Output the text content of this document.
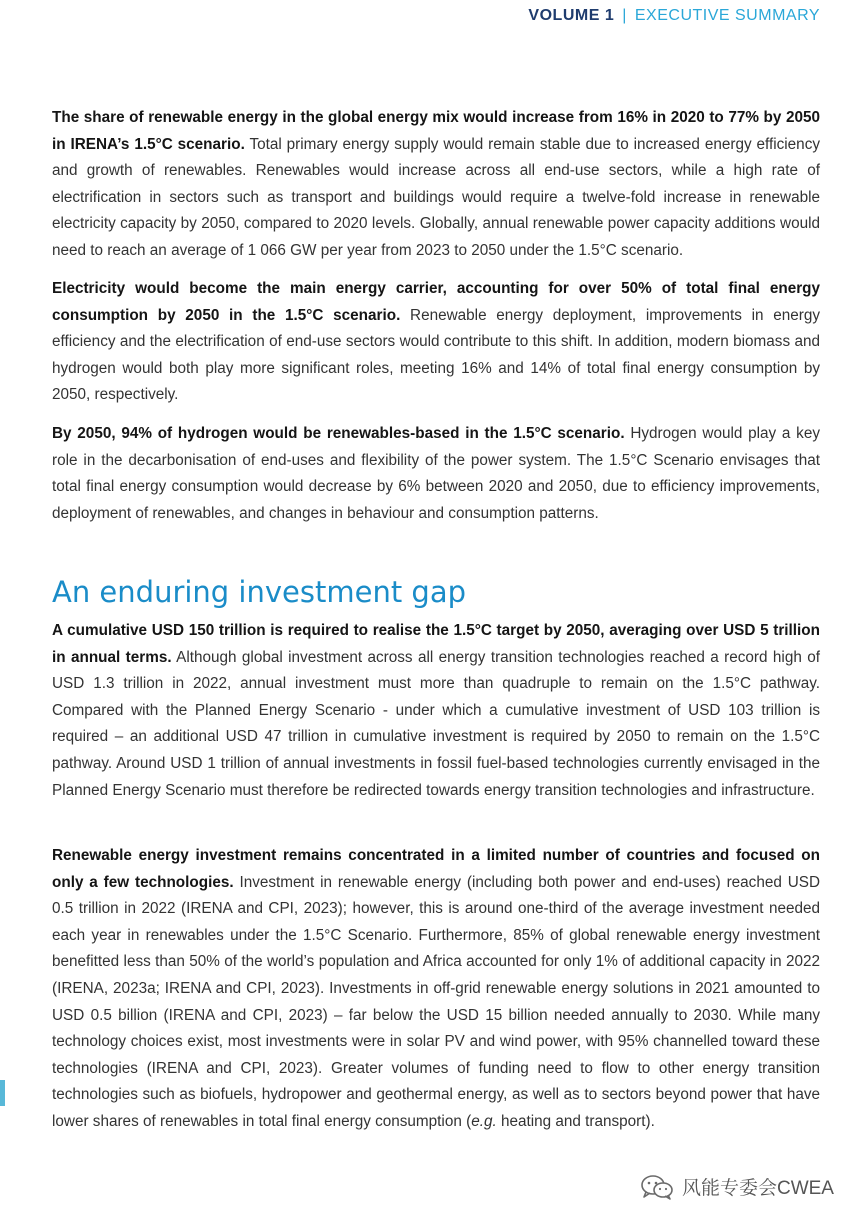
VOLUME 1 | EXECUTIVE SUMMARY

The share of renewable energy in the global energy mix would increase from 16% in 2020 to 77% by 2050 in IRENA’s 1.5°C scenario. Total primary energy supply would remain stable due to increased energy efficiency and growth of renewables. Renewables would increase across all end-use sectors, while a high rate of electrification in sectors such as transport and buildings would require a twelve-fold increase in renewable electricity capacity by 2050, compared to 2020 levels. Globally, annual renewable power capacity additions would need to reach an average of 1 066 GW per year from 2023 to 2050 under the 1.5°C scenario.

Electricity would become the main energy carrier, accounting for over 50% of total final energy consumption by 2050 in the 1.5°C scenario. Renewable energy deployment, improvements in energy efficiency and the electrification of end-use sectors would contribute to this shift. In addition, modern biomass and hydrogen would both play more significant roles, meeting 16% and 14% of total final energy consumption by 2050, respectively.

By 2050, 94% of hydrogen would be renewables-based in the 1.5°C scenario. Hydrogen would play a key role in the decarbonisation of end-uses and flexibility of the power system. The 1.5°C Scenario envisages that total final energy consumption would decrease by 6% between 2020 and 2050, due to efficiency improvements, deployment of renewables, and changes in behaviour and consumption patterns.

An enduring investment gap

A cumulative USD 150 trillion is required to realise the 1.5°C target by 2050, averaging over USD 5 trillion in annual terms. Although global investment across all energy transition technologies reached a record high of USD 1.3 trillion in 2022, annual investment must more than quadruple to remain on the 1.5°C pathway. Compared with the Planned Energy Scenario - under which a cumulative investment of USD 103 trillion is required – an additional USD 47 trillion in cumulative investment is required by 2050 to remain on the 1.5°C pathway. Around USD 1 trillion of annual investments in fossil fuel-based technologies currently envisaged in the Planned Energy Scenario must therefore be redirected towards energy transition technologies and infrastructure.

Renewable energy investment remains concentrated in a limited number of countries and focused on only a few technologies. Investment in renewable energy (including both power and end-uses) reached USD 0.5 trillion in 2022 (IRENA and CPI, 2023); however, this is around one-third of the average investment needed each year in renewables under the 1.5°C Scenario. Furthermore, 85% of global renewable energy investment benefitted less than 50% of the world’s population and Africa accounted for only 1% of additional capacity in 2022 (IRENA, 2023a; IRENA and CPI, 2023). Investments in off-grid renewable energy solutions in 2021 amounted to USD 0.5 billion (IRENA and CPI, 2023) – far below the USD 15 billion needed annually to 2030. While many technology choices exist, most investments were in solar PV and wind power, with 95% channelled toward these technologies (IRENA and CPI, 2023). Greater volumes of funding need to flow to other energy transition technologies such as biofuels, hydropower and geothermal energy, as well as to sectors beyond power that have lower shares of renewables in total final energy consumption (e.g. heating and transport).

风能专委会CWEA
